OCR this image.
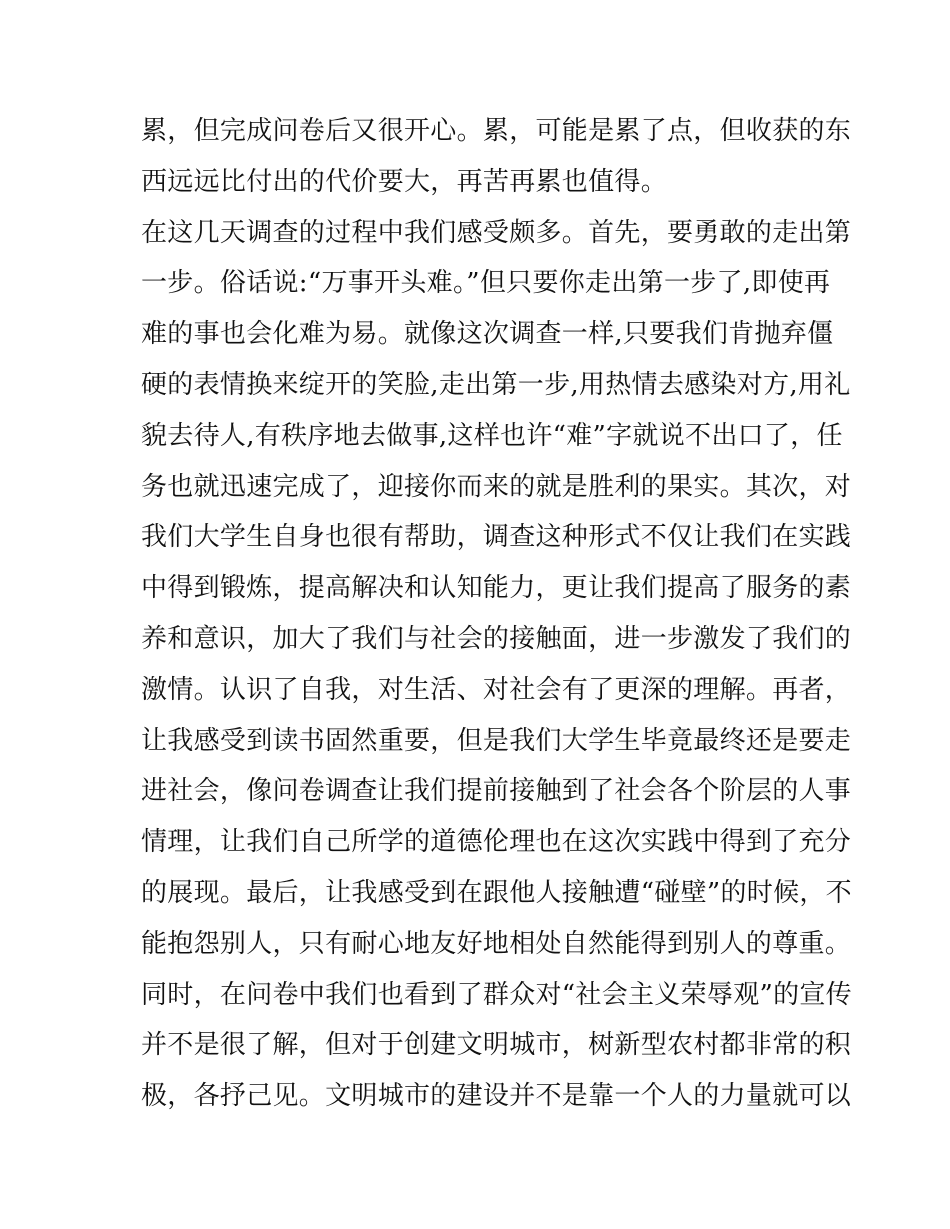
累，但完成问卷后又很开心。累，可能是累了点，但收获的东
西远远比付出的代价要大，再苦再累也值得。
在这几天调查的过程中我们感受颇多。首先，要勇敢的走出第
一步。俗话说:“万事开头难。”但只要你走出第一步了,即使再
难的事也会化难为易。就像这次调查一样,只要我们肯抛弃僵
硬的表情换来绽开的笑脸,走出第一步,用热情去感染对方,用礼
貌去待人,有秩序地去做事,这样也许“难”字就说不出口了，任
务也就迅速完成了，迎接你而来的就是胜利的果实。其次，对
我们大学生自身也很有帮助，调查这种形式不仅让我们在实践
中得到锻炼，提高解决和认知能力，更让我们提高了服务的素
养和意识，加大了我们与社会的接触面，进一步激发了我们的
激情。认识了自我，对生活、对社会有了更深的理解。再者，
让我感受到读书固然重要，但是我们大学生毕竟最终还是要走
进社会，像问卷调查让我们提前接触到了社会各个阶层的人事
情理，让我们自己所学的道德伦理也在这次实践中得到了充分
的展现。最后，让我感受到在跟他人接触遭“碰壁”的时候，不
能抱怨别人，只有耐心地友好地相处自然能得到别人的尊重。
同时，在问卷中我们也看到了群众对“社会主义荣辱观”的宣传
并不是很了解，但对于创建文明城市，树新型农村都非常的积
极，各抒己见。文明城市的建设并不是靠一个人的力量就可以
